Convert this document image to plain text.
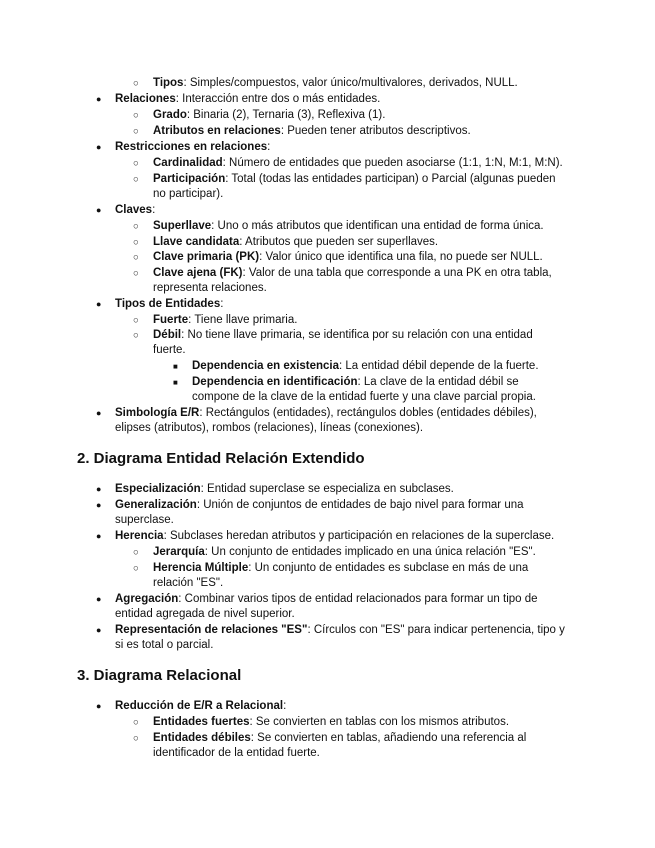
○ Tipos: Simples/compuestos, valor único/multivalores, derivados, NULL.
● Relaciones: Interacción entre dos o más entidades.
○ Grado: Binaria (2), Ternaria (3), Reflexiva (1).
○ Atributos en relaciones: Pueden tener atributos descriptivos.
● Restricciones en relaciones:
○ Cardinalidad: Número de entidades que pueden asociarse (1:1, 1:N, M:1, M:N).
○ Participación: Total (todas las entidades participan) o Parcial (algunas pueden
no participar).
● Claves:
○ Superllave: Uno o más atributos que identifican una entidad de forma única.
○ Llave candidata: Atributos que pueden ser superllaves.
○ Clave primaria (PK): Valor único que identifica una fila, no puede ser NULL.
○ Clave ajena (FK): Valor de una tabla que corresponde a una PK en otra tabla,
representa relaciones.
● Tipos de Entidades:
○ Fuerte: Tiene llave primaria.
○ Débil: No tiene llave primaria, se identifica por su relación con una entidad
fuerte.
■ Dependencia en existencia: La entidad débil depende de la fuerte.
■ Dependencia en identificación: La clave de la entidad débil se
compone de la clave de la entidad fuerte y una clave parcial propia.
● Simbología E/R: Rectángulos (entidades), rectángulos dobles (entidades débiles),
elipses (atributos), rombos (relaciones), líneas (conexiones).
2. Diagrama Entidad Relación Extendido
● Especialización: Entidad superclase se especializa en subclases.
● Generalización: Unión de conjuntos de entidades de bajo nivel para formar una
superclase.
● Herencia: Subclases heredan atributos y participación en relaciones de la superclase.
○ Jerarquía: Un conjunto de entidades implicado en una única relación "ES".
○ Herencia Múltiple: Un conjunto de entidades es subclase en más de una
relación "ES".
● Agregación: Combinar varios tipos de entidad relacionados para formar un tipo de
entidad agregada de nivel superior.
● Representación de relaciones "ES": Círculos con "ES" para indicar pertenencia, tipo y
si es total o parcial.
3. Diagrama Relacional
● Reducción de E/R a Relacional:
○ Entidades fuertes: Se convierten en tablas con los mismos atributos.
○ Entidades débiles: Se convierten en tablas, añadiendo una referencia al
identificador de la entidad fuerte.
